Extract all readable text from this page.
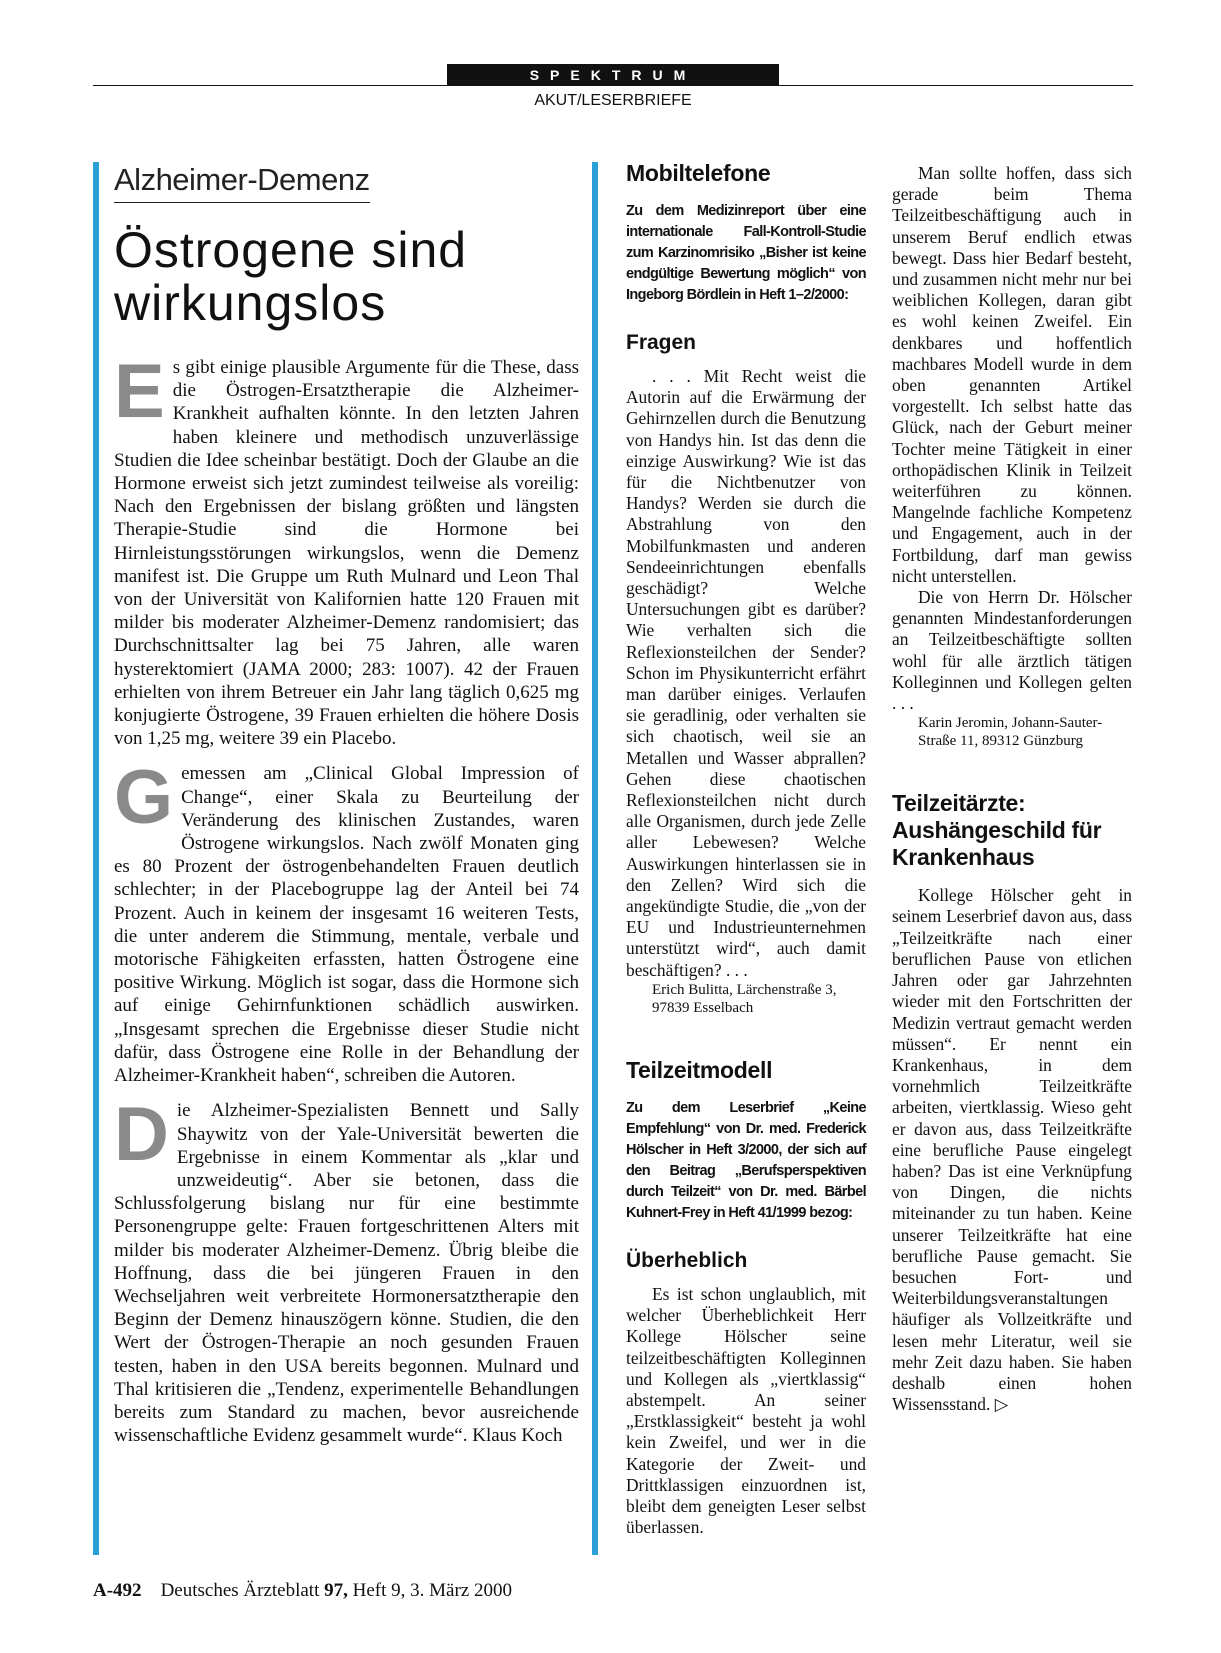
SPEKTRUM
AKUT/LESERBRIEFE
Alzheimer-Demenz
Östrogene sind wirkungslos

Es gibt einige plausible Argumente für die These, dass die Östrogen-Ersatztherapie die Alzheimer-Krankheit aufhalten könnte. In den letzten Jahren haben kleinere und methodisch unzuverlässige Studien die Idee scheinbar bestätigt. Doch der Glaube an die Hormone erweist sich jetzt zumindest teilweise als voreilig: Nach den Ergebnissen der bislang größten und längsten Therapie-Studie sind die Hormone bei Hirnleistungsstörungen wirkungslos, wenn die Demenz manifest ist. Die Gruppe um Ruth Mulnard und Leon Thal von der Universität von Kalifornien hatte 120 Frauen mit milder bis moderater Alzheimer-Demenz randomisiert; das Durchschnittsalter lag bei 75 Jahren, alle waren hysterektomiert (JAMA 2000; 283: 1007). 42 der Frauen erhielten von ihrem Betreuer ein Jahr lang täglich 0,625 mg konjugierte Östrogene, 39 Frauen erhielten die höhere Dosis von 1,25 mg, weitere 39 ein Placebo.

Gemessen am „Clinical Global Impression of Change“, einer Skala zu Beurteilung der Veränderung des klinischen Zustandes, waren Östrogene wirkungslos. Nach zwölf Monaten ging es 80 Prozent der östrogenbehandelten Frauen deutlich schlechter; in der Placebogruppe lag der Anteil bei 74 Prozent. Auch in keinem der insgesamt 16 weiteren Tests, die unter anderem die Stimmung, mentale, verbale und motorische Fähigkeiten erfassten, hatten Östrogene eine positive Wirkung. Möglich ist sogar, dass die Hormone sich auf einige Gehirnfunktionen schädlich auswirken. „Insgesamt sprechen die Ergebnisse dieser Studie nicht dafür, dass Östrogene eine Rolle in der Behandlung der Alzheimer-Krankheit haben“, schreiben die Autoren.

Die Alzheimer-Spezialisten Bennett und Sally Shaywitz von der Yale-Universität bewerten die Ergebnisse in einem Kommentar als „klar und unzweideutig“. Aber sie betonen, dass die Schlussfolgerung bislang nur für eine bestimmte Personengruppe gelte: Frauen fortgeschrittenen Alters mit milder bis moderater Alzheimer-Demenz. Übrig bleibe die Hoffnung, dass die bei jüngeren Frauen in den Wechseljahren weit verbreitete Hormonersatztherapie den Beginn der Demenz hinauszögern könne. Studien, die den Wert der Östrogen-Therapie an noch gesunden Frauen testen, haben in den USA bereits begonnen. Mulnard und Thal kritisieren die „Tendenz, experimentelle Behandlungen bereits zum Standard zu machen, bevor ausreichende wissenschaftliche Evidenz gesammelt wurde“. Klaus Koch

Mobiltelefone
Zu dem Medizinreport über eine internationale Fall-Kontroll-Studie zum Karzinomrisiko „Bisher ist keine endgültige Bewertung möglich“ von Ingeborg Bördlein in Heft 1–2/2000:
Fragen

. . . Mit Recht weist die Autorin auf die Erwärmung der Gehirnzellen durch die Benutzung von Handys hin. Ist das denn die einzige Auswirkung? Wie ist das für die Nichtbenutzer von Handys? Werden sie durch die Abstrahlung von den Mobilfunkmasten und anderen Sendeeinrichtungen ebenfalls geschädigt? Welche Untersuchungen gibt es darüber? Wie verhalten sich die Reflexionsteilchen der Sender? Schon im Physikunterricht erfährt man darüber einiges. Verlaufen sie geradlinig, oder verhalten sie sich chaotisch, weil sie an Metallen und Wasser abprallen? Gehen diese chaotischen Reflexionsteilchen nicht durch alle Organismen, durch jede Zelle aller Lebewesen? Welche Auswirkungen hinterlassen sie in den Zellen? Wird sich die angekündigte Studie, die „von der EU und Industrieunternehmen unterstützt wird“, auch damit beschäftigen? . . .

Erich Bulitta, Lärchenstraße 3, 97839 Esselbach
Teilzeitmodell
Zu dem Leserbrief „Keine Empfehlung“ von Dr. med. Frederick Hölscher in Heft 3/2000, der sich auf den Beitrag „Berufsperspektiven durch Teilzeit“ von Dr. med. Bärbel Kuhnert-Frey in Heft 41/1999 bezog:
Überheblich

Es ist schon unglaublich, mit welcher Überheblichkeit Herr Kollege Hölscher seine teilzeitbeschäftigten Kolleginnen und Kollegen als „viertklassig“ abstempelt. An seiner „Erstklassigkeit“ besteht ja wohl kein Zweifel, und wer in die Kategorie der Zweit- und Drittklassigen einzuordnen ist, bleibt dem geneigten Leser selbst überlassen.

Man sollte hoffen, dass sich gerade beim Thema Teilzeitbeschäftigung auch in unserem Beruf endlich etwas bewegt. Dass hier Bedarf besteht, und zusammen nicht mehr nur bei weiblichen Kollegen, daran gibt es wohl keinen Zweifel. Ein denkbares und hoffentlich machbares Modell wurde in dem oben genannten Artikel vorgestellt. Ich selbst hatte das Glück, nach der Geburt meiner Tochter meine Tätigkeit in einer orthopädischen Klinik in Teilzeit weiterführen zu können. Mangelnde fachliche Kompetenz und Engagement, auch in der Fortbildung, darf man gewiss nicht unterstellen.

Die von Herrn Dr. Hölscher genannten Mindestanforderungen an Teilzeitbeschäftigte sollten wohl für alle ärztlich tätigen Kolleginnen und Kollegen gelten . . .

Karin Jeromin, Johann-Sauter-Straße 11, 89312 Günzburg
Teilzeitärzte: Aushängeschild für Krankenhaus

Kollege Hölscher geht in seinem Leserbrief davon aus, dass „Teilzeitkräfte nach einer beruflichen Pause von etlichen Jahren oder gar Jahrzehnten wieder mit den Fortschritten der Medizin vertraut gemacht werden müssen“. Er nennt ein Krankenhaus, in dem vornehmlich Teilzeitkräfte arbeiten, viertklassig. Wieso geht er davon aus, dass Teilzeitkräfte eine berufliche Pause eingelegt haben? Das ist eine Verknüpfung von Dingen, die nichts miteinander zu tun haben. Keine unserer Teilzeitkräfte hat eine berufliche Pause gemacht. Sie besuchen Fort- und Weiterbildungsveranstaltungen häufiger als Vollzeitkräfte und lesen mehr Literatur, weil sie mehr Zeit dazu haben. Sie haben deshalb einen hohen Wissensstand. ▷

A-492 Deutsches Ärzteblatt 97, Heft 9, 3. März 2000
